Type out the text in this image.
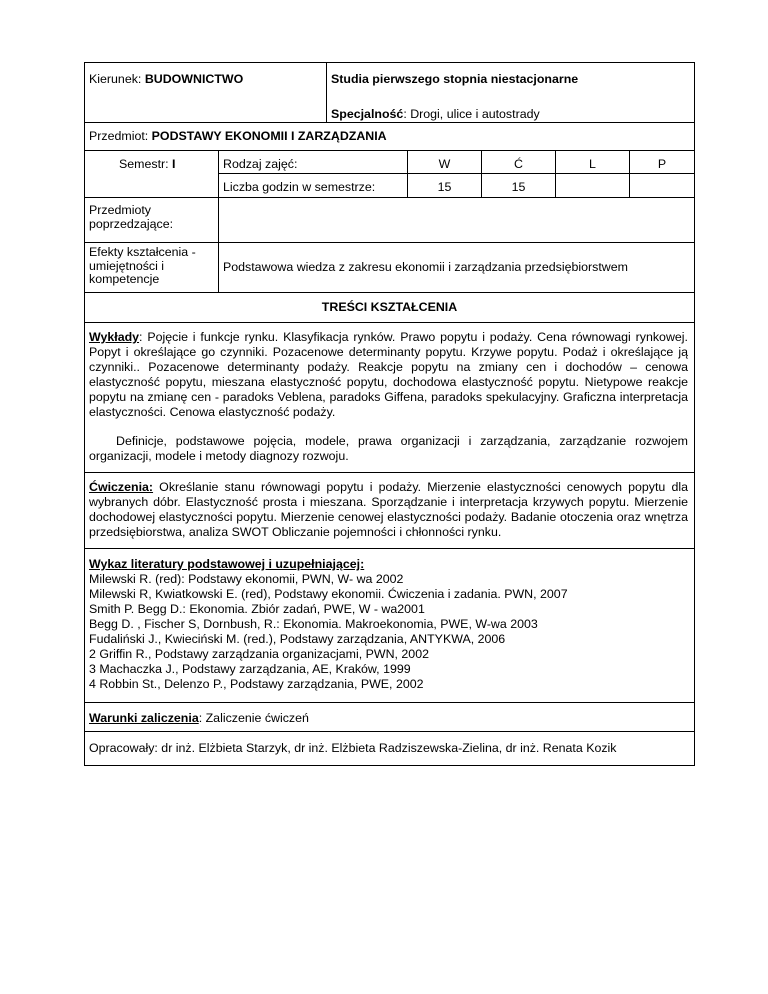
Kierunek: BUDOWNICTWO	Studia pierwszego stopnia niestacjonarne
Specjalność: Drogi, ulice i autostrady
Przedmiot: PODSTAWY EKONOMII I ZARZĄDZANIA
Semestr: I	Rodzaj zajęć:	W	Ć	L	P
Liczba godzin w semestrze:	15	15
Przedmioty poprzedzające:
Efekty kształcenia - umiejętności i kompetencje
Podstawowa wiedza z zakresu ekonomii i zarządzania przedsiębiorstwem
TREŚCI KSZTAŁCENIA

Wykłady: Pojęcie i funkcje rynku. Klasyfikacja rynków. Prawo popytu i podaży. Cena równowagi rynkowej. Popyt i określające go czynniki. Pozacenowe determinanty popytu. Krzywe popytu. Podaż i określające ją czynniki.. Pozacenowe determinanty podaży. Reakcje popytu na zmiany cen i dochodów – cenowa elastyczność popytu, mieszana elastyczność popytu, dochodowa elastyczność popytu. Nietypowe reakcje popytu na zmianę cen - paradoks Veblena, paradoks Giffena, paradoks spekulacyjny. Graficzna interpretacja elastyczności. Cenowa elastyczność podaży.

Definicje, podstawowe pojęcia, modele, prawa organizacji i zarządzania, zarządzanie rozwojem organizacji, modele i metody diagnozy rozwoju.

Ćwiczenia: Określanie stanu równowagi popytu i podaży. Mierzenie elastyczności cenowych popytu dla wybranych dóbr. Elastyczność prosta i mieszana. Sporządzanie i interpretacja krzywych popytu. Mierzenie dochodowej elastyczności popytu. Mierzenie cenowej elastyczności podaży. Badanie otoczenia oraz wnętrza przedsiębiorstwa, analiza SWOT Obliczanie pojemności i chłonności rynku.

Wykaz literatury podstawowej i uzupełniającej:
Milewski R. (red): Podstawy ekonomii, PWN, W- wa 2002
Milewski R, Kwiatkowski E. (red), Podstawy ekonomii. Ćwiczenia i zadania. PWN, 2007
Smith P. Begg D.: Ekonomia. Zbiór zadań, PWE, W - wa2001
Begg D. , Fischer S, Dornbush, R.: Ekonomia. Makroekonomia, PWE, W-wa 2003
Fudaliński J., Kwieciński M. (red.), Podstawy zarządzania, ANTYKWA, 2006
2 Griffin R., Podstawy zarządzania organizacjami, PWN, 2002
3 Machaczka J., Podstawy zarządzania, AE, Kraków, 1999
4 Robbin St., Delenzo P., Podstawy zarządzania, PWE, 2002
Warunki zaliczenia: Zaliczenie ćwiczeń
Opracowały: dr inż. Elżbieta Starzyk, dr inż. Elżbieta Radziszewska-Zielina, dr inż. Renata Kozik
